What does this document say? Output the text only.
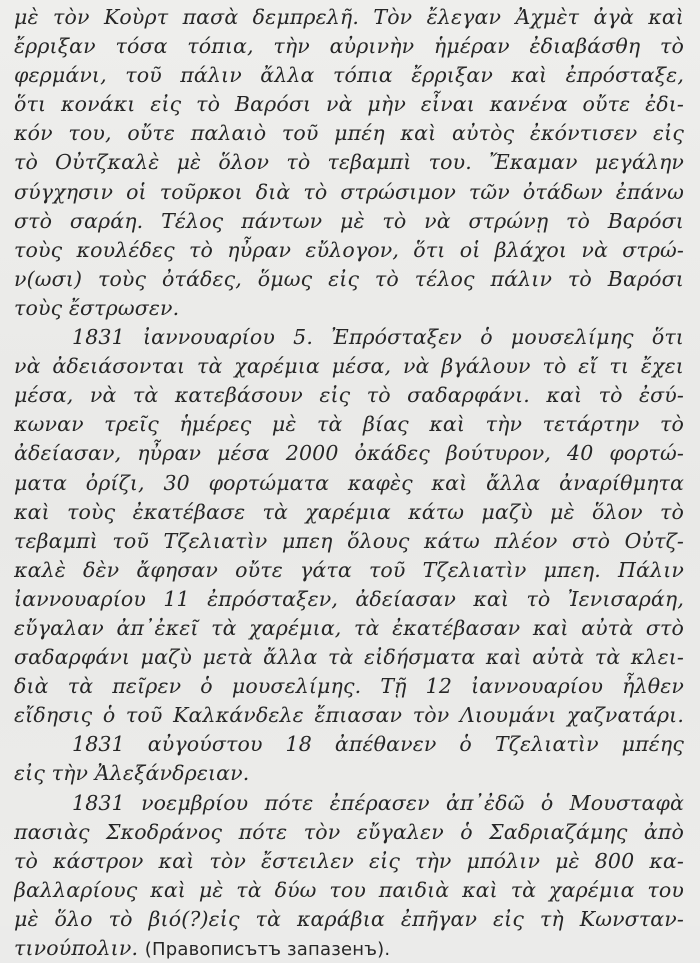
μὲ τὸν Κοὺρτ πασὰ δεμπρελῆ. Τὸν ἔλεγαν Ἀχμὲτ ἀγὰ καὶ
ἔρριξαν τόσα τόπια, τὴν αὐρινὴν ἡμέραν ἐδιαβάσθη τὸ
φερμάνι, τοῦ πάλιν ἄλλα τόπια ἔρριξαν καὶ ἐπρόσταξε,
ὅτι κονάκι εἰς τὸ Βαρόσι νὰ μὴν εἶναι κανένα οὔτε ἐδι-
κόν του, οὔτε παλαιὸ τοῦ μπέη καὶ αὐτὸς ἐκόντισεν εἰς
τὸ Οὐτζκαλὲ μὲ ὅλον τὸ τεβαμπὶ του. Ἔκαμαν μεγάλην
σύγχησιν οἱ τοῦρκοι διὰ τὸ στρώσιμον τῶν ὀτάδων ἐπάνω
στὸ σαράη. Τέλος πάντων μὲ τὸ νὰ στρώνῃ τὸ Βαρόσι
τοὺς κουλέδες τὸ ηὖραν εὔλογον, ὅτι οἱ βλάχοι νὰ στρώ-
ν(ωσι) τοὺς ὀτάδες, ὅμως εἰς τὸ τέλος πάλιν τὸ Βαρόσι
τοὺς ἔστρωσεν.

1831 ἰαννουαρίου 5. Ἐπρόσταξεν ὁ μουσελίμης ὅτι
νὰ ἀδειάσονται τὰ χαρέμια μέσα, νὰ βγάλουν τὸ εἴ τι ἔχει
μέσα, νὰ τὰ κατεβάσουν εἰς τὸ σαδαρφάνι. καὶ τὸ ἐσύ-
κωναν τρεῖς ἡμέρες μὲ τὰ βίας καὶ τὴν τετάρτην τὸ
ἀδείασαν, ηὖραν μέσα 2000 ὀκάδες βούτυρον, 40 φορτώ-
ματα ὀρίζι, 30 φορτώματα καφὲς καὶ ἄλλα ἀναρίθμητα
καὶ τοὺς ἐκατέβασε τὰ χαρέμια κάτω μαζὺ μὲ ὅλον τὸ
τεβαμπὶ τοῦ Τζελιατὶν μπεη ὅλους κάτω πλέον στὸ Οὐτζ-
καλὲ δὲν ἄφησαν οὔτε γάτα τοῦ Τζελιατὶν μπεη. Πάλιν
ἰαννουαρίου 11 ἐπρόσταξεν, ἀδείασαν καὶ τὸ Ἰενισαράη,
εὔγαλαν ἀπ᾽ἐκεῖ τὰ χαρέμια, τὰ ἐκατέβασαν καὶ αὐτὰ στὸ
σαδαρφάνι μαζὺ μετὰ ἄλλα τὰ εἰδήσματα καὶ αὐτὰ τὰ κλει-
διὰ τὰ πεῖρεν ὁ μουσελίμης. Τῇ 12 ἰαννουαρίου ἦλθεν
εἴδησις ὁ τοῦ Καλκάνδελε ἔπιασαν τὸν Λιουμάνι χαζνατάρι.

1831 αὐγούστου 18 ἀπέθανεν ὁ Τζελιατὶν μπέης
εἰς τὴν Ἀλεξάνδρειαν.

1831 νοεμβρίου πότε ἐπέρασεν ἀπ᾽ἐδῶ ὁ Μουσταφὰ
πασιὰς Σκοδράνος πότε τὸν εὔγαλεν ὁ Σαδριαζάμης ἀπὸ
τὸ κάστρον καὶ τὸν ἔστειλεν εἰς τὴν μπόλιν μὲ 800 κα-
βαλλαρίους καὶ μὲ τὰ δύω του παιδιὰ καὶ τὰ χαρέμια του
μὲ ὅλο τὸ βιό(?)εἰς τὰ καράβια ἐπῆγαν εἰς τὴ Κωνσταν-
τινούπολιν. (Правописътъ запазенъ).
